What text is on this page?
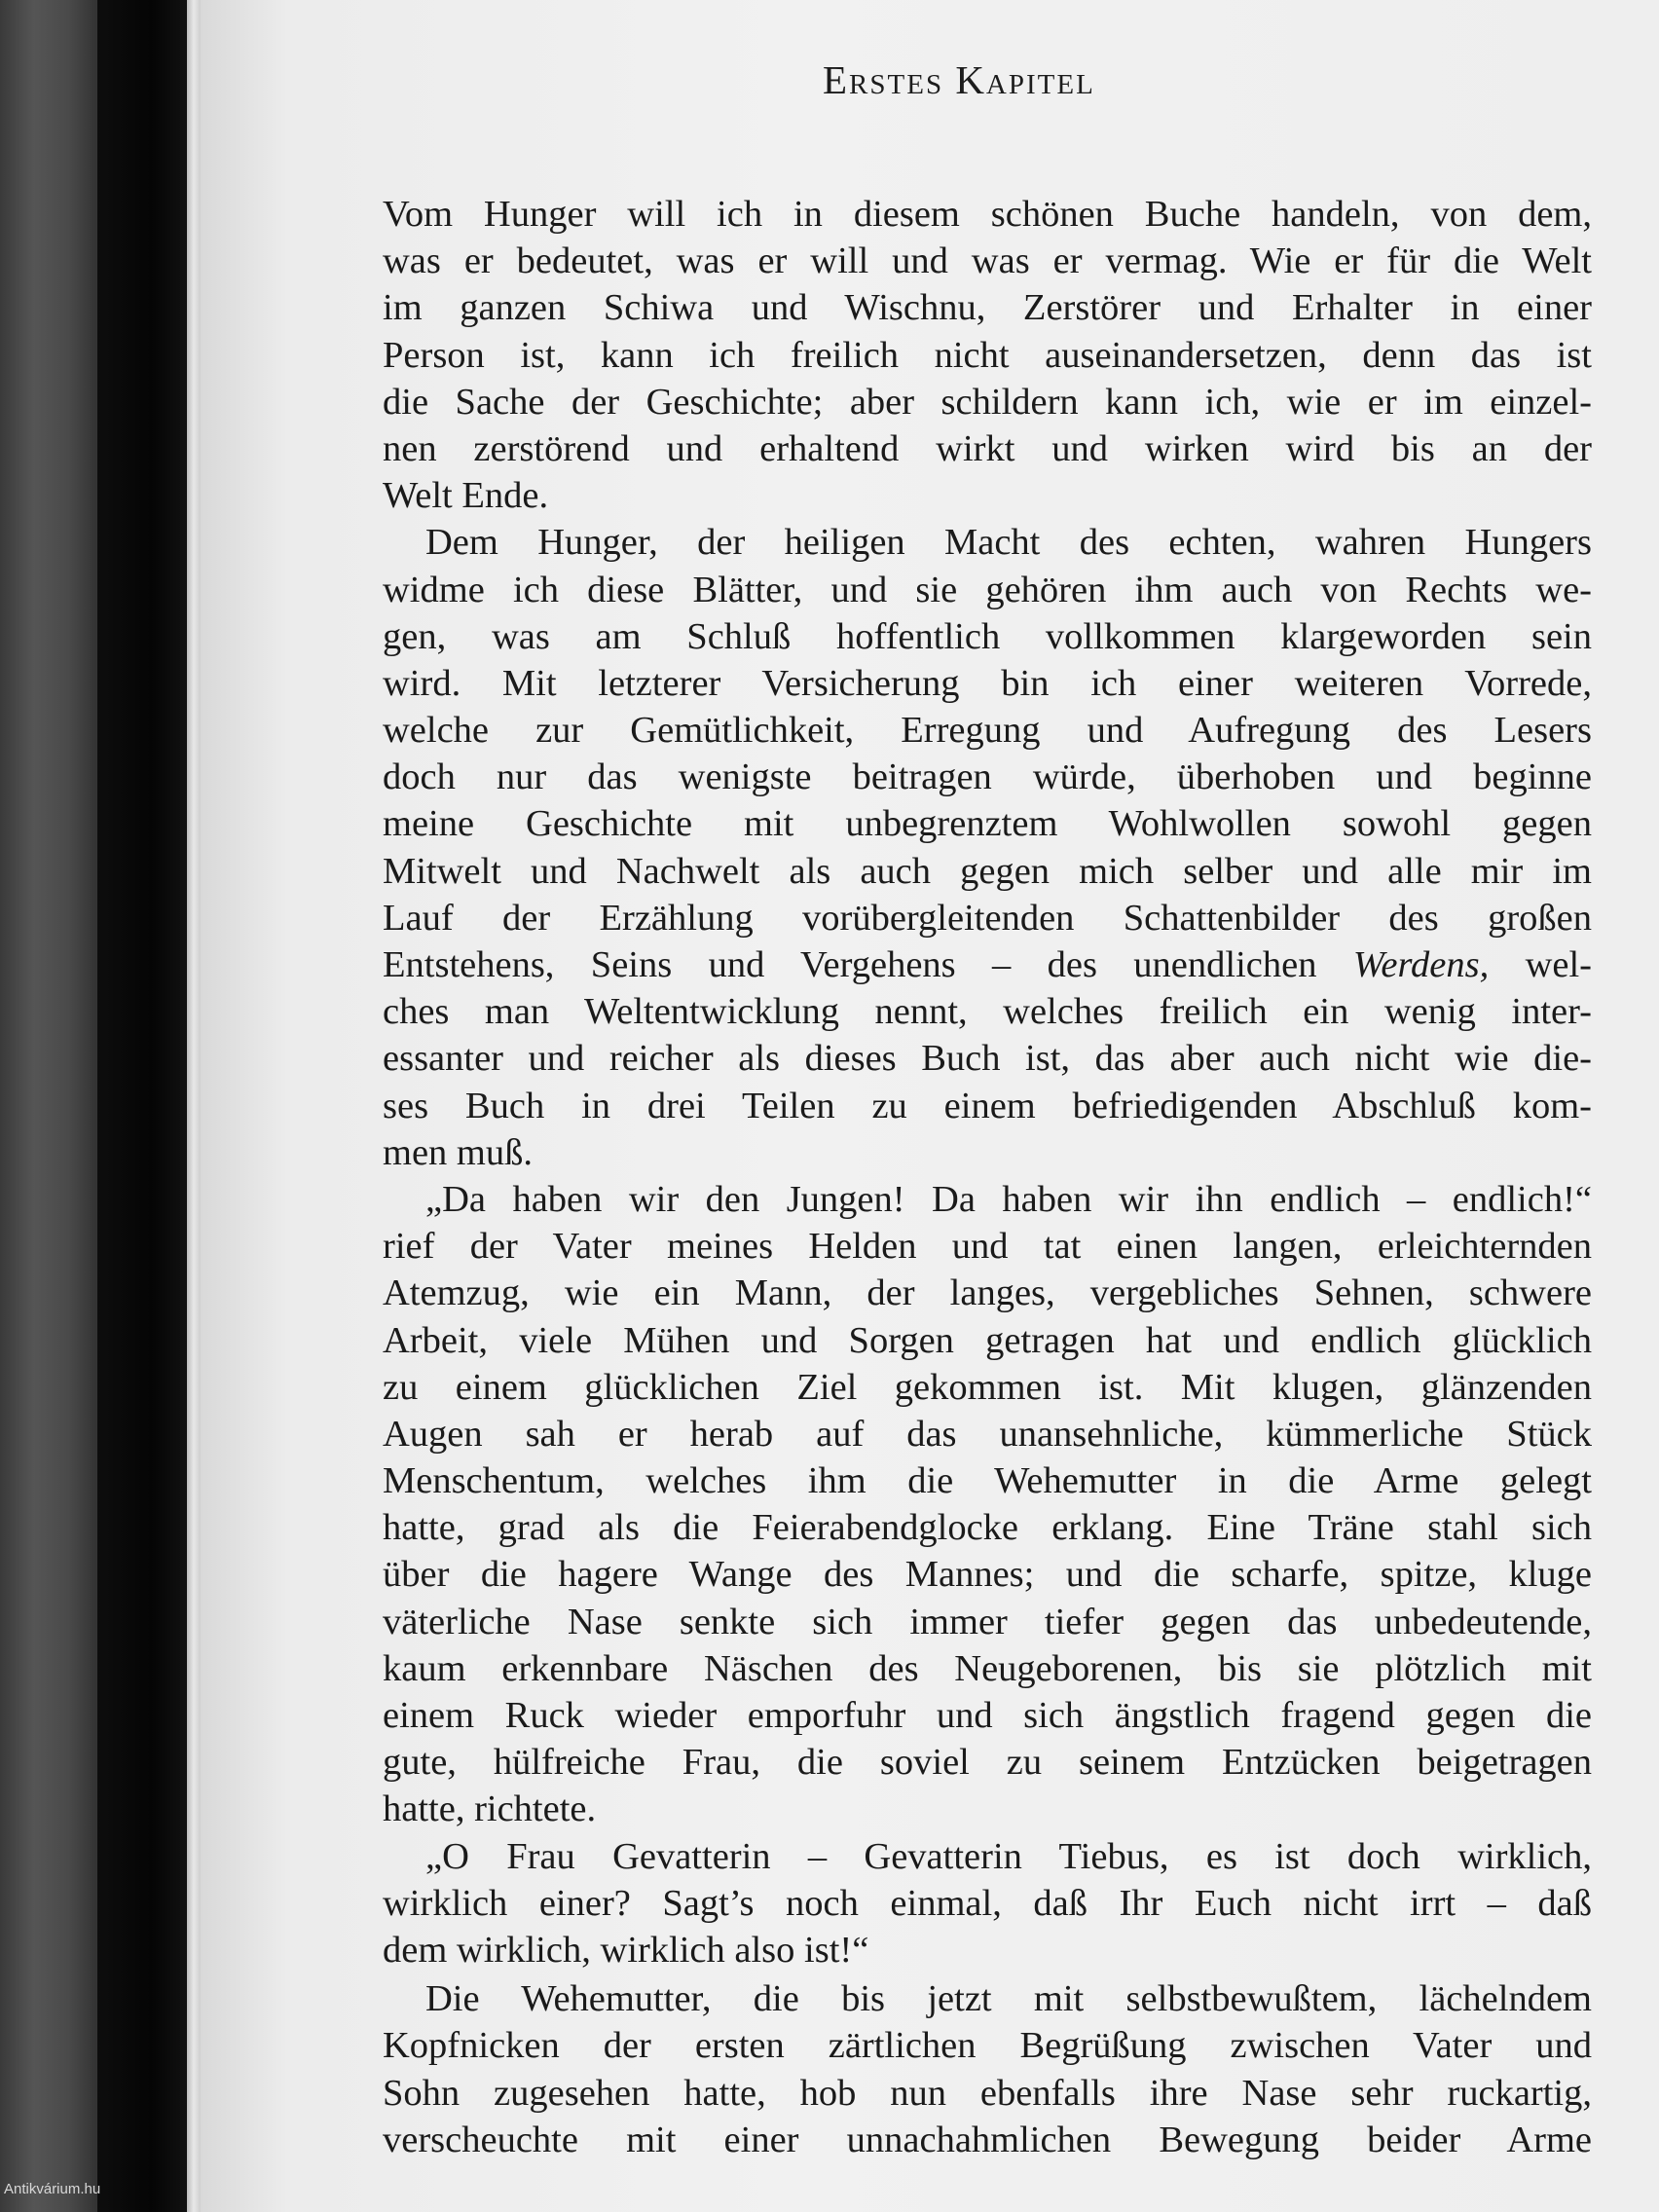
Erstes Kapitel
Vom Hunger will ich in diesem schönen Buche handeln, von dem,
was er bedeutet, was er will und was er vermag. Wie er für die Welt
im ganzen Schiwa und Wischnu, Zerstörer und Erhalter in einer
Person ist, kann ich freilich nicht auseinandersetzen, denn das ist
die Sache der Geschichte; aber schildern kann ich, wie er im einzel-
nen zerstörend und erhaltend wirkt und wirken wird bis an der
Welt Ende.
Dem Hunger, der heiligen Macht des echten, wahren Hungers
widme ich diese Blätter, und sie gehören ihm auch von Rechts we-
gen, was am Schluß hoffentlich vollkommen klargeworden sein
wird. Mit letzterer Versicherung bin ich einer weiteren Vorrede,
welche zur Gemütlichkeit, Erregung und Aufregung des Lesers
doch nur das wenigste beitragen würde, überhoben und beginne
meine Geschichte mit unbegrenztem Wohlwollen sowohl gegen
Mitwelt und Nachwelt als auch gegen mich selber und alle mir im
Lauf der Erzählung vorübergleitenden Schattenbilder des großen
Entstehens, Seins und Vergehens – des unendlichen Werdens, wel-
ches man Weltentwicklung nennt, welches freilich ein wenig inter-
essanter und reicher als dieses Buch ist, das aber auch nicht wie die-
ses Buch in drei Teilen zu einem befriedigenden Abschluß kom-
men muß.
„Da haben wir den Jungen! Da haben wir ihn endlich – endlich!“
rief der Vater meines Helden und tat einen langen, erleichternden
Atemzug, wie ein Mann, der langes, vergebliches Sehnen, schwere
Arbeit, viele Mühen und Sorgen getragen hat und endlich glücklich
zu einem glücklichen Ziel gekommen ist. Mit klugen, glänzenden
Augen sah er herab auf das unansehnliche, kümmerliche Stück
Menschentum, welches ihm die Wehemutter in die Arme gelegt
hatte, grad als die Feierabendglocke erklang. Eine Träne stahl sich
über die hagere Wange des Mannes; und die scharfe, spitze, kluge
väterliche Nase senkte sich immer tiefer gegen das unbedeutende,
kaum erkennbare Näschen des Neugeborenen, bis sie plötzlich mit
einem Ruck wieder emporfuhr und sich ängstlich fragend gegen die
gute, hülfreiche Frau, die soviel zu seinem Entzücken beigetragen
hatte, richtete.
„O Frau Gevatterin – Gevatterin Tiebus, es ist doch wirklich,
wirklich einer? Sagt’s noch einmal, daß Ihr Euch nicht irrt – daß
dem wirklich, wirklich also ist!“
Die Wehemutter, die bis jetzt mit selbstbewußtem, lächelndem
Kopfnicken der ersten zärtlichen Begrüßung zwischen Vater und
Sohn zugesehen hatte, hob nun ebenfalls ihre Nase sehr ruckartig,
verscheuchte mit einer unnachahmlichen Bewegung beider Arme
Antikvárium.hu
